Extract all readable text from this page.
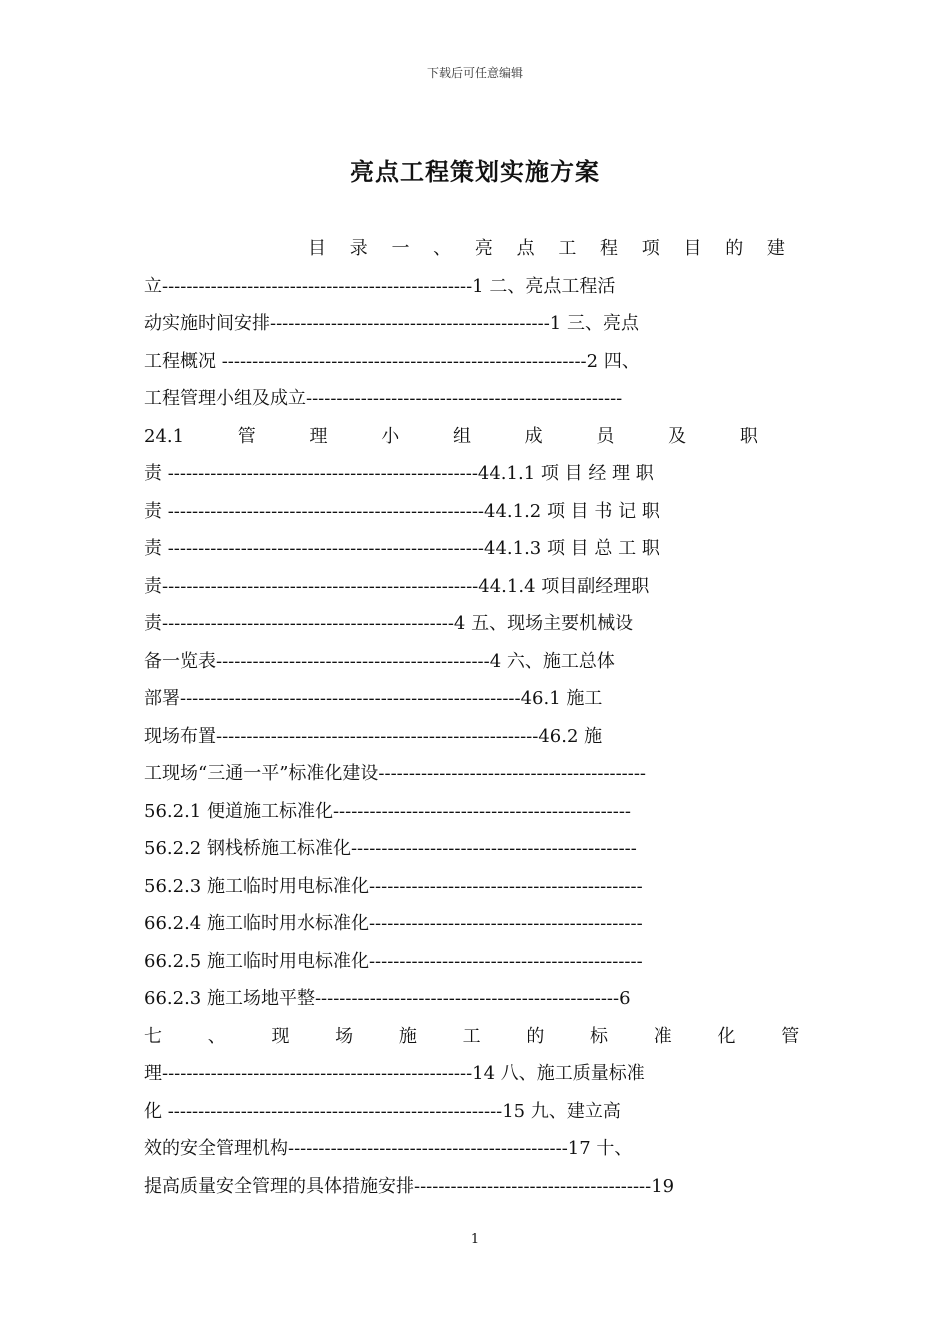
下载后可任意编辑
亮点工程策划实施方案
目 录 一 、 亮 点 工 程 项 目 的 建
立---------------------------------------------------1 二、亮点工程活
动实施时间安排----------------------------------------------1 三、亮点
工程概况 ------------------------------------------------------------2 四、
工程管理小组及成立----------------------------------------------------
24.1 管 理 小 组 成 员 及 职
责 ---------------------------------------------------44.1.1 项 目 经 理 职
责 ----------------------------------------------------44.1.2 项 目 书 记 职
责 ----------------------------------------------------44.1.3 项 目 总 工 职
责----------------------------------------------------44.1.4 项目副经理职
责------------------------------------------------4 五、现场主要机械设
备一览表---------------------------------------------4 六、施工总体
部署--------------------------------------------------------46.1 施工
现场布置-----------------------------------------------------46.2 施
工现场“三通一平”标准化建设--------------------------------------------
56.2.1 便道施工标准化-------------------------------------------------
56.2.2 钢栈桥施工标准化-----------------------------------------------
56.2.3 施工临时用电标准化---------------------------------------------
66.2.4 施工临时用水标准化---------------------------------------------
66.2.5 施工临时用电标准化---------------------------------------------
66.2.3 施工场地平整--------------------------------------------------6
七 、 现 场 施 工 的 标 准 化 管
理---------------------------------------------------14 八、施工质量标准
化 -------------------------------------------------------15 九、建立高
效的安全管理机构----------------------------------------------17 十、
提高质量安全管理的具体措施安排---------------------------------------19
1
